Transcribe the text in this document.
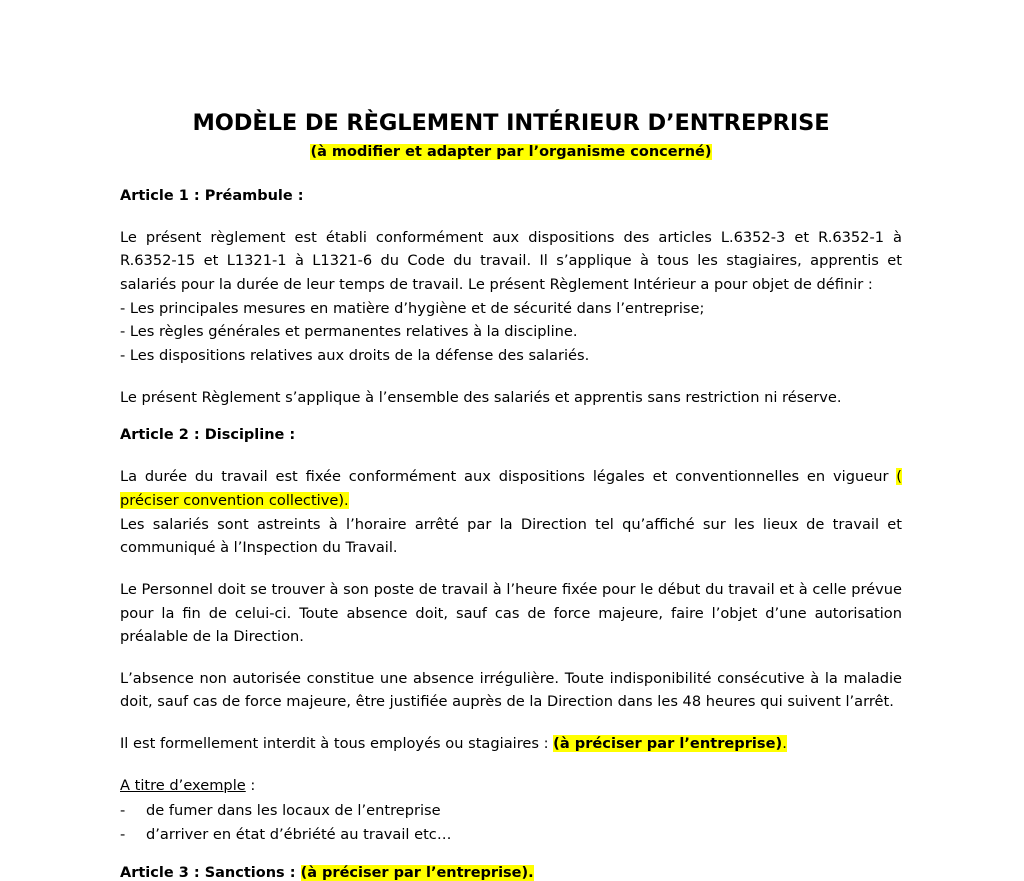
MODÈLE DE RÈGLEMENT INTÉRIEUR D’ENTREPRISE
(à modifier et adapter par l’organisme concerné)
Article 1 : Préambule :

Le présent règlement est établi conformément aux dispositions des articles L.6352-3 et R.6352-1 à R.6352-15 et L1321-1 à L1321-6 du Code du travail. Il s’applique à tous les stagiaires, apprentis et salariés pour la durée de leur temps de travail. Le présent Règlement Intérieur a pour objet de définir :

- Les principales mesures en matière d’hygiène et de sécurité dans l’entreprise;

- Les règles générales et permanentes relatives à la discipline.

- Les dispositions relatives aux droits de la défense des salariés.

Le présent Règlement s’applique à l’ensemble des salariés et apprentis sans restriction ni réserve.

Article 2 : Discipline :

La durée du travail est fixée conformément aux dispositions légales et conventionnelles en vigueur ( préciser convention collective).

Les salariés sont astreints à l’horaire arrêté par la Direction tel qu’affiché sur les lieux de travail et communiqué à l’Inspection du Travail.

Le Personnel doit se trouver à son poste de travail à l’heure fixée pour le début du travail et à celle prévue pour la fin de celui-ci. Toute absence doit, sauf cas de force majeure, faire l’objet d’une autorisation préalable de la Direction.

L’absence non autorisée constitue une absence irrégulière. Toute indisponibilité consécutive à la maladie doit, sauf cas de force majeure, être justifiée auprès de la Direction dans les 48 heures qui suivent l’arrêt.

Il est formellement interdit à tous employés ou stagiaires : (à préciser par l’entreprise).

A titre d’exemple :

- de fumer dans les locaux de l’entreprise
- d’arriver en état d’ébriété au travail etc…

Article 3 : Sanctions : (à préciser par l’entreprise).
